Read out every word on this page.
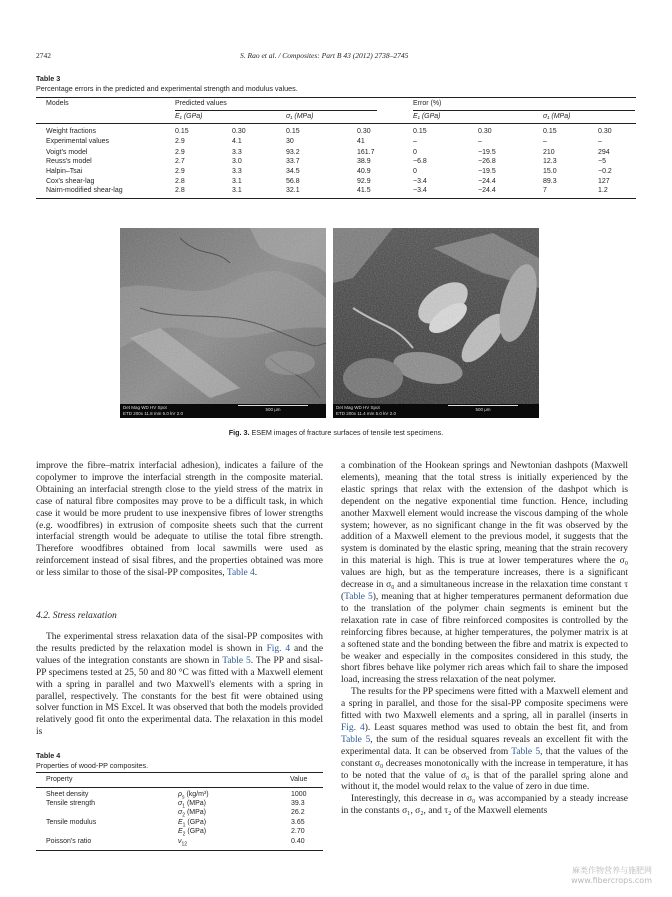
2742	S. Rao et al. / Composites: Part B 43 (2012) 2738–2745
Table 3
Percentage errors in the predicted and experimental strength and modulus values.
Models	Predicted values	Error (%)
E₁ (GPa)	σ₁ (MPa)	E₁ (GPa)	σ₁ (MPa)
Weight fractions	0.15	0.30	0.15	0.30	0.15	0.30	0.15	0.30
Experimental values	2.9	4.1	30	41	–	–	–	–
Voigt's model	2.9	3.3	93.2	161.7	0	−19.5	210	294
Reuss's model	2.7	3.0	33.7	38.9	−6.8	−26.8	12.3	−5
Halpin–Tsai	2.9	3.3	34.5	40.9	0	−19.5	15.0	−0.2
Cox's shear-lag	2.8	3.1	56.8	92.9	−3.4	−24.4	89.3	127
Nairn-modified shear-lag	2.8	3.1	32.1	41.5	−3.4	−24.4	7	1.2
Det Mag WD HV Spot
ETD 200x 11.8 mm 5.0 kV 2.0
500 μm	Det Mag WD HV Spot
ETD 200x 11.4 mm 5.0 kV 2.0
500 μm
Fig. 3. ESEM images of fracture surfaces of tensile test specimens.

improve the fibre–matrix interfacial adhesion), indicates a failure of the copolymer to improve the interfacial strength in the composite material. Obtaining an interfacial strength close to the yield stress of the matrix in case of natural fibre composites may prove to be a difficult task, in which case it would be more prudent to use inexpensive fibres of lower strengths (e.g. woodfibres) in extrusion of composite sheets such that the current interfacial strength would be adequate to utilise the total fibre strength. Therefore woodfibres obtained from local sawmills were used as reinforcement instead of sisal fibres, and the properties obtained was more or less similar to those of the sisal-PP composites, Table 4.

4.2. Stress relaxation

The experimental stress relaxation data of the sisal-PP composites with the results predicted by the relaxation model is shown in Fig. 4 and the values of the integration constants are shown in Table 5. The PP and sisal-PP specimens tested at 25, 50 and 80 °C was fitted with a Maxwell element with a spring in parallel and two Maxwell's elements with a spring in parallel, respectively. The constants for the best fit were obtained using solver function in MS Excel. It was observed that both the models provided relatively good fit onto the experimental data. The relaxation in this model is

Table 4
Properties of wood-PP composites.
Property	Value
Sheet density	$\rho_s$ (kg/m³)	1000
Tensile strength	$\sigma_1$ (MPa)	39.3
$\sigma_2$ (MPa)	26.2
Tensile modulus	$E_1$ (GPa)	3.65
$E_2$ (GPa)	2.70
Poisson's ratio	$\nu_{12}$	0.40

a combination of the Hookean springs and Newtonian dashpots (Maxwell elements), meaning that the total stress is initially experienced by the elastic springs that relax with the extension of the dashpot which is dependent on the negative exponential time function. Hence, including another Maxwell element would increase the viscous damping of the whole system; however, as no significant change in the fit was observed by the addition of a Maxwell element to the previous model, it suggests that the system is dominated by the elastic spring, meaning that the strain recovery in this material is high. This is true at lower temperatures where the σ₀ values are high, but as the temperature increases, there is a significant decrease in σ₀ and a simultaneous increase in the relaxation time constant τ (Table 5), meaning that at higher temperatures permanent deformation due to the translation of the polymer chain segments is eminent but the relaxation rate in case of fibre reinforced composites is controlled by the reinforcing fibres because, at higher temperatures, the polymer matrix is at a softened state and the bonding between the fibre and matrix is expected to be weaker and especially in the composites considered in this study, the short fibres behave like polymer rich areas which fail to share the imposed load, increasing the stress relaxation of the neat polymer.

The results for the PP specimens were fitted with a Maxwell element and a spring in parallel, and those for the sisal-PP composite specimens were fitted with two Maxwell elements and a spring, all in parallel (inserts in Fig. 4). Least squares method was used to obtain the best fit, and from Table 5, the sum of the residual squares reveals an excellent fit with the experimental data. It can be observed from Table 5, that the values of the constant σ₀ decreases monotonically with the increase in temperature, it has to be noted that the value of σ₀ is that of the parallel spring alone and without it, the model would relax to the value of zero in due time.

Interestingly, this decrease in σ₀ was accompanied by a steady increase in the constants σ₁, σ₂, and τ₂ of the Maxwell elements

麻类作物营养与施肥网
www.fibercrops.com
